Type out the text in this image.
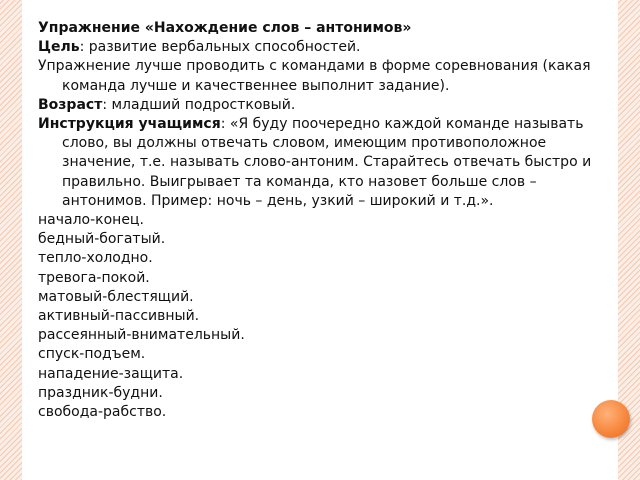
Упражнение «Нахождение слов – антонимов»

Цель: развитие вербальных способностей.

Упражнение лучше проводить с командами в форме соревнования (какая команда лучше и качественнее выполнит задание).

Возраст: младший подростковый.

Инструкция учащимся: «Я буду поочередно каждой команде называть слово, вы должны отвечать словом, имеющим противоположное значение, т.е. называть слово-антоним. Старайтесь отвечать быстро и правильно. Выигрывает та команда, кто назовет больше слов – антонимов. Пример: ночь – день, узкий – широкий и т.д.».

начало-конец.

бедный-богатый.

тепло-холодно.

тревога-покой.

матовый-блестящий.

активный-пассивный.

рассеянный-внимательный.

спуск-подъем.

нападение-защита.

праздник-будни.

свобода-рабство.
